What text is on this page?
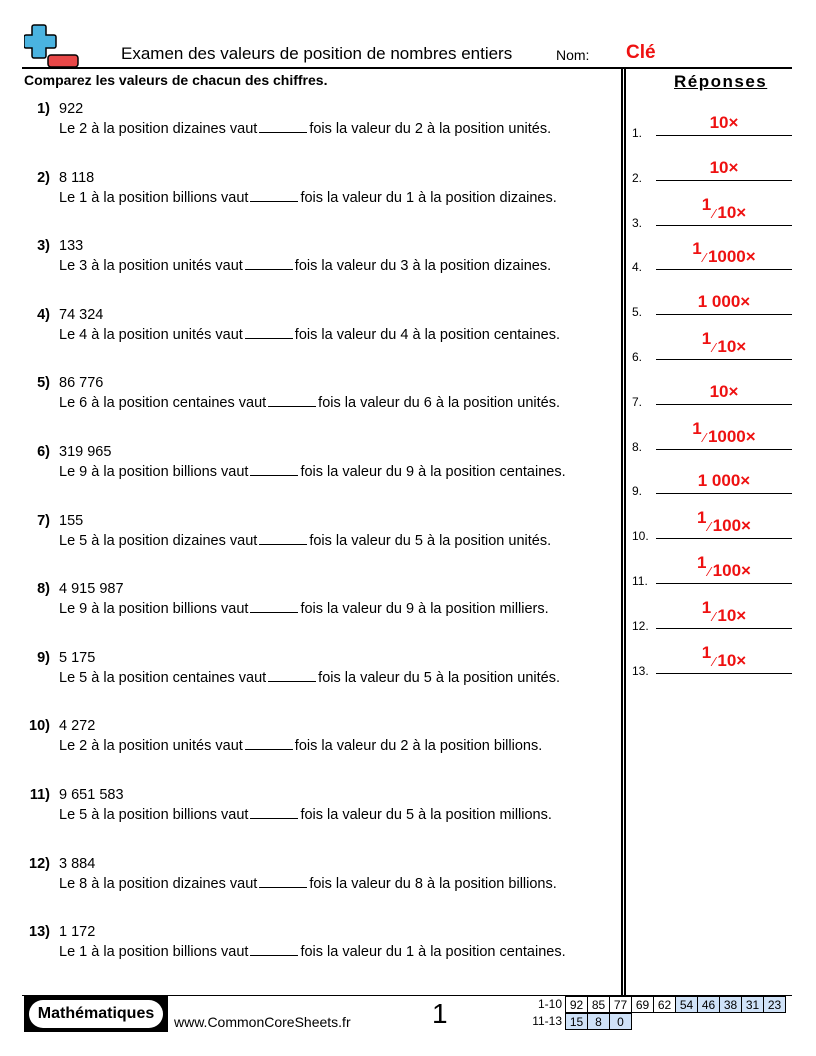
Examen des valeurs de position de nombres entiers	Nom: Clé
Comparez les valeurs de chacun des chiffres.	Réponses
1) 922
Le 2 à la position dizaines vaut	fois la valeur du 2 à la position unités.
2) 8 118
Le 1 à la position billions vaut	fois la valeur du 1 à la position dizaines.
3) 133
Le 3 à la position unités vaut	fois la valeur du 3 à la position dizaines.
4) 74 324
Le 4 à la position unités vaut	fois la valeur du 4 à la position centaines.
5) 86 776
Le 6 à la position centaines vaut	fois la valeur du 6 à la position unités.
6) 319 965
Le 9 à la position billions vaut	fois la valeur du 9 à la position centaines.
7) 155
Le 5 à la position dizaines vaut	fois la valeur du 5 à la position unités.
8) 4 915 987
Le 9 à la position billions vaut	fois la valeur du 9 à la position milliers.
9) 5 175
Le 5 à la position centaines vaut	fois la valeur du 5 à la position unités.
10) 4 272
Le 2 à la position unités vaut	fois la valeur du 2 à la position billions.
11) 9 651 583
Le 5 à la position billions vaut	fois la valeur du 5 à la position millions.
12) 3 884
Le 8 à la position dizaines vaut	fois la valeur du 8 à la position billions.
13) 1 172
Le 1 à la position billions vaut	fois la valeur du 1 à la position centaines.
1.
10×
2.
10×
3.
1 ⁄ 10×
4.
1 ⁄ 1000×
5.
1 000×
6.
1 ⁄ 10×
7.
10×
8.
1 ⁄ 1000×
9.
1 000×
10.
1 ⁄ 100×
11.
1 ⁄ 100×
12.
1 ⁄ 10×
13.
1 ⁄ 10×
Mathématiques	www.CommonCoreSheets.fr	1	1-10 92	85	77	69	62	54	46	38	31	23
11-13 15	8	0
